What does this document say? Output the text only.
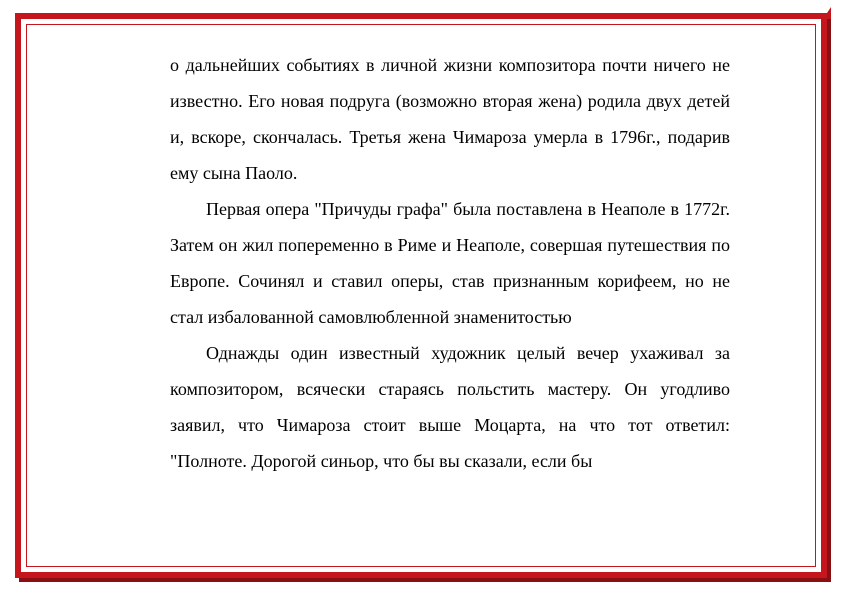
о дальнейших событиях в личной жизни композитора почти ничего не известно. Его новая подруга (возможно вторая жена) родила двух детей и, вскоре, скончалась. Третья жена Чимароза умерла в 1796г., подарив ему сына Паоло.

Первая опера "Причуды графа" была поставлена в Неаполе в 1772г. Затем он жил попеременно в Риме и Неаполе, совершая путешествия по Европе. Сочинял и ставил оперы, став признанным корифеем, но не стал избалованной самовлюбленной знаменитостью

Однажды один известный художник целый вечер ухаживал за композитором, всячески стараясь польстить мастеру. Он угодливо заявил, что Чимароза стоит выше Моцарта, на что тот ответил: "Полноте. Дорогой синьор, что бы вы сказали, если бы
